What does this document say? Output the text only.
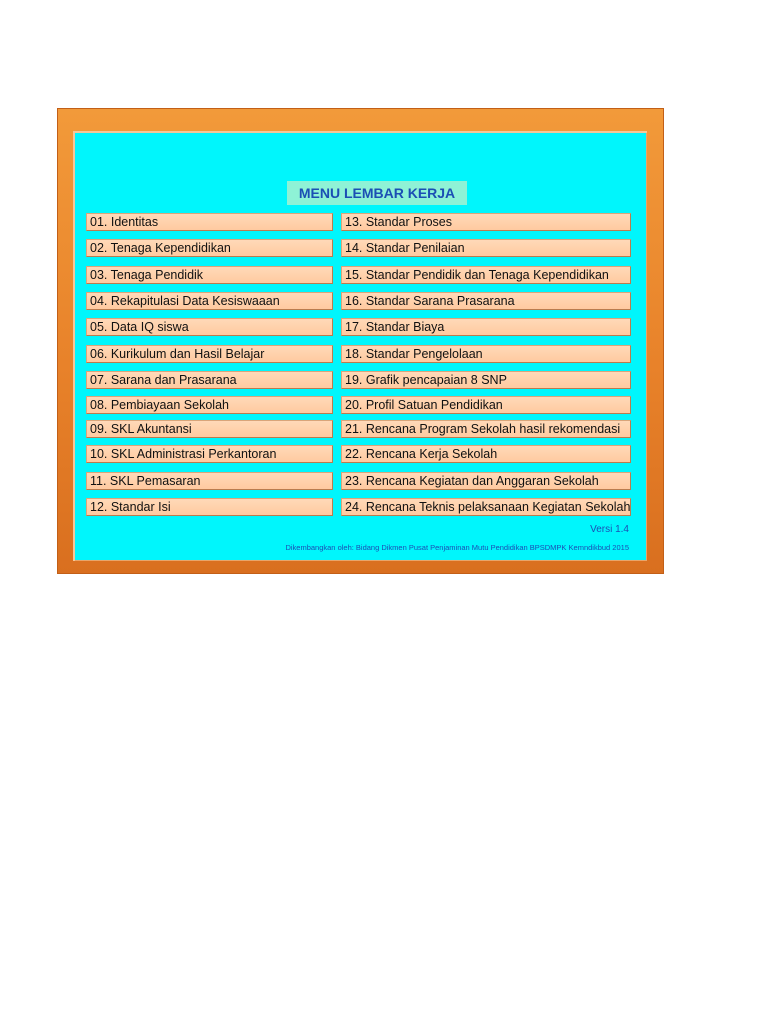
MENU LEMBAR KERJA
01. Identitas
02. Tenaga Kependidikan
03. Tenaga Pendidik
04. Rekapitulasi Data Kesiswaaan
05. Data IQ siswa
06. Kurikulum dan Hasil Belajar
07. Sarana dan Prasarana
08. Pembiayaan Sekolah
09. SKL Akuntansi
10. SKL Administrasi Perkantoran
11. SKL Pemasaran
12. Standar Isi
13. Standar Proses
14. Standar Penilaian
15. Standar Pendidik dan Tenaga Kependidikan
16. Standar Sarana Prasarana
17. Standar Biaya
18. Standar Pengelolaan
19. Grafik pencapaian 8 SNP
20. Profil Satuan Pendidikan
21. Rencana Program Sekolah hasil rekomendasi
22. Rencana Kerja Sekolah
23. Rencana Kegiatan dan Anggaran Sekolah
24. Rencana Teknis pelaksanaan Kegiatan Sekolah
Versi 1.4
Dikembangkan oleh: Bidang Dikmen Pusat Penjaminan Mutu Pendidikan BPSDMPK Kemndikbud 2015
